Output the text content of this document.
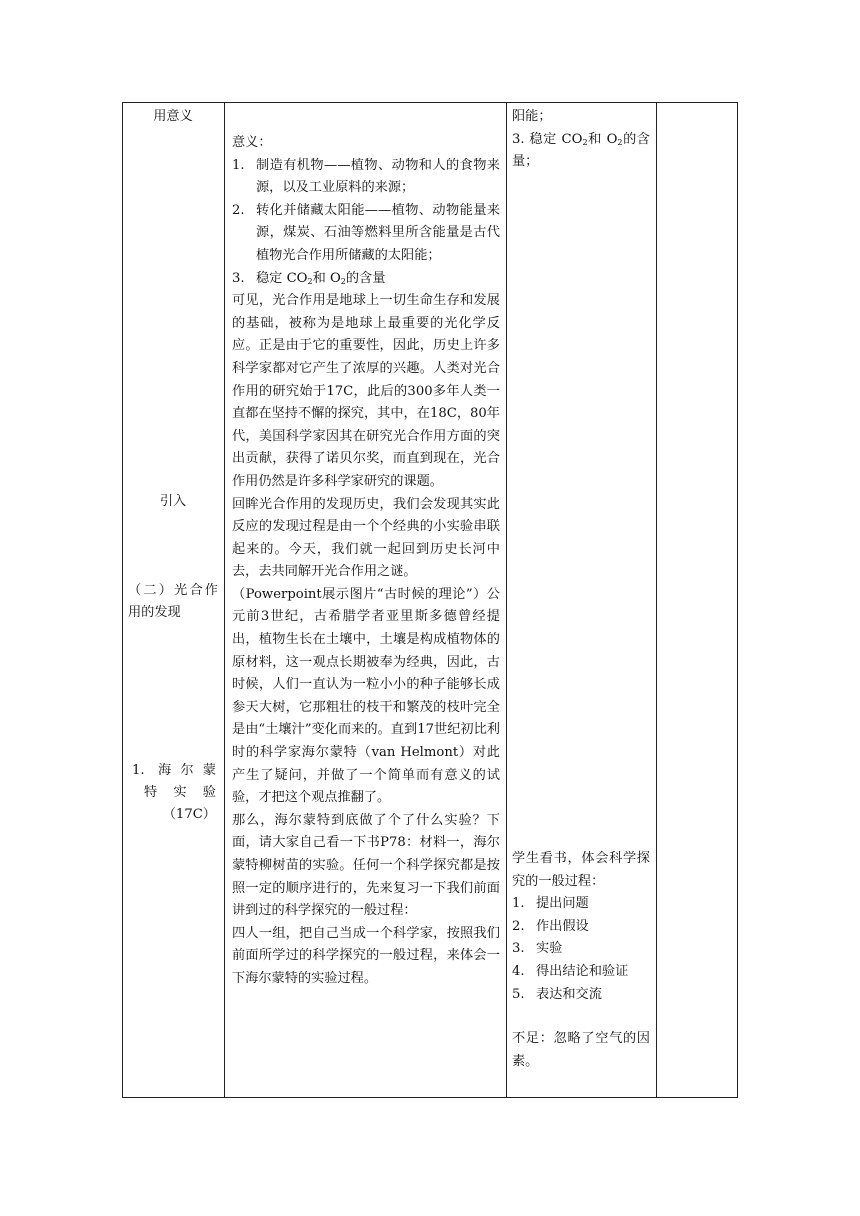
用意义
引入
（二）光合作用的发现
1. 海尔蒙
特实验
（17C）

意义：

1. 制造有机物——植物、动物和人的食物来源，以及工业原料的来源；
2. 转化并储藏太阳能——植物、动物能量来源，煤炭、石油等燃料里所含能量是古代植物光合作用所储藏的太阳能；
3. 稳定 $CO_2$和 $O_2$的含量

可见，光合作用是地球上一切生命生存和发展的基础，被称为是地球上最重要的光化学反应。正是由于它的重要性，因此，历史上许多科学家都对它产生了浓厚的兴趣。人类对光合作用的研究始于17C，此后的300多年人类一直都在坚持不懈的探究，其中，在18C，80年代，美国科学家因其在研究光合作用方面的突出贡献，获得了诺贝尔奖，而直到现在，光合作用仍然是许多科学家研究的课题。

回眸光合作用的发现历史，我们会发现其实此反应的发现过程是由一个个经典的小实验串联起来的。今天，我们就一起回到历史长河中去，去共同解开光合作用之谜。

（Powerpoint展示图片“古时候的理论”）公元前3世纪，古希腊学者亚里斯多德曾经提出，植物生长在土壤中，土壤是构成植物体的原材料，这一观点长期被奉为经典，因此，古时候，人们一直认为一粒小小的种子能够长成参天大树，它那粗壮的枝干和繁茂的枝叶完全是由“土壤汁”变化而来的。直到17世纪初比利时的科学家海尔蒙特（van Helmont）对此产生了疑问，并做了一个简单而有意义的试验，才把这个观点推翻了。

那么，海尔蒙特到底做了个了什么实验？下面，请大家自己看一下书P78：材料一，海尔蒙特柳树苗的实验。任何一个科学探究都是按照一定的顺序进行的，先来复习一下我们前面讲到过的科学探究的一般过程：

四人一组，把自己当成一个科学家，按照我们前面所学过的科学探究的一般过程，来体会一下海尔蒙特的实验过程。

阳能；
3. 稳定 $CO_2$和 $O_2$的含量；

学生看书，体会科学探究的一般过程：

1. 提出问题
2. 作出假设
3. 实验
4. 得出结论和验证
5. 表达和交流

不足：忽略了空气的因素。
